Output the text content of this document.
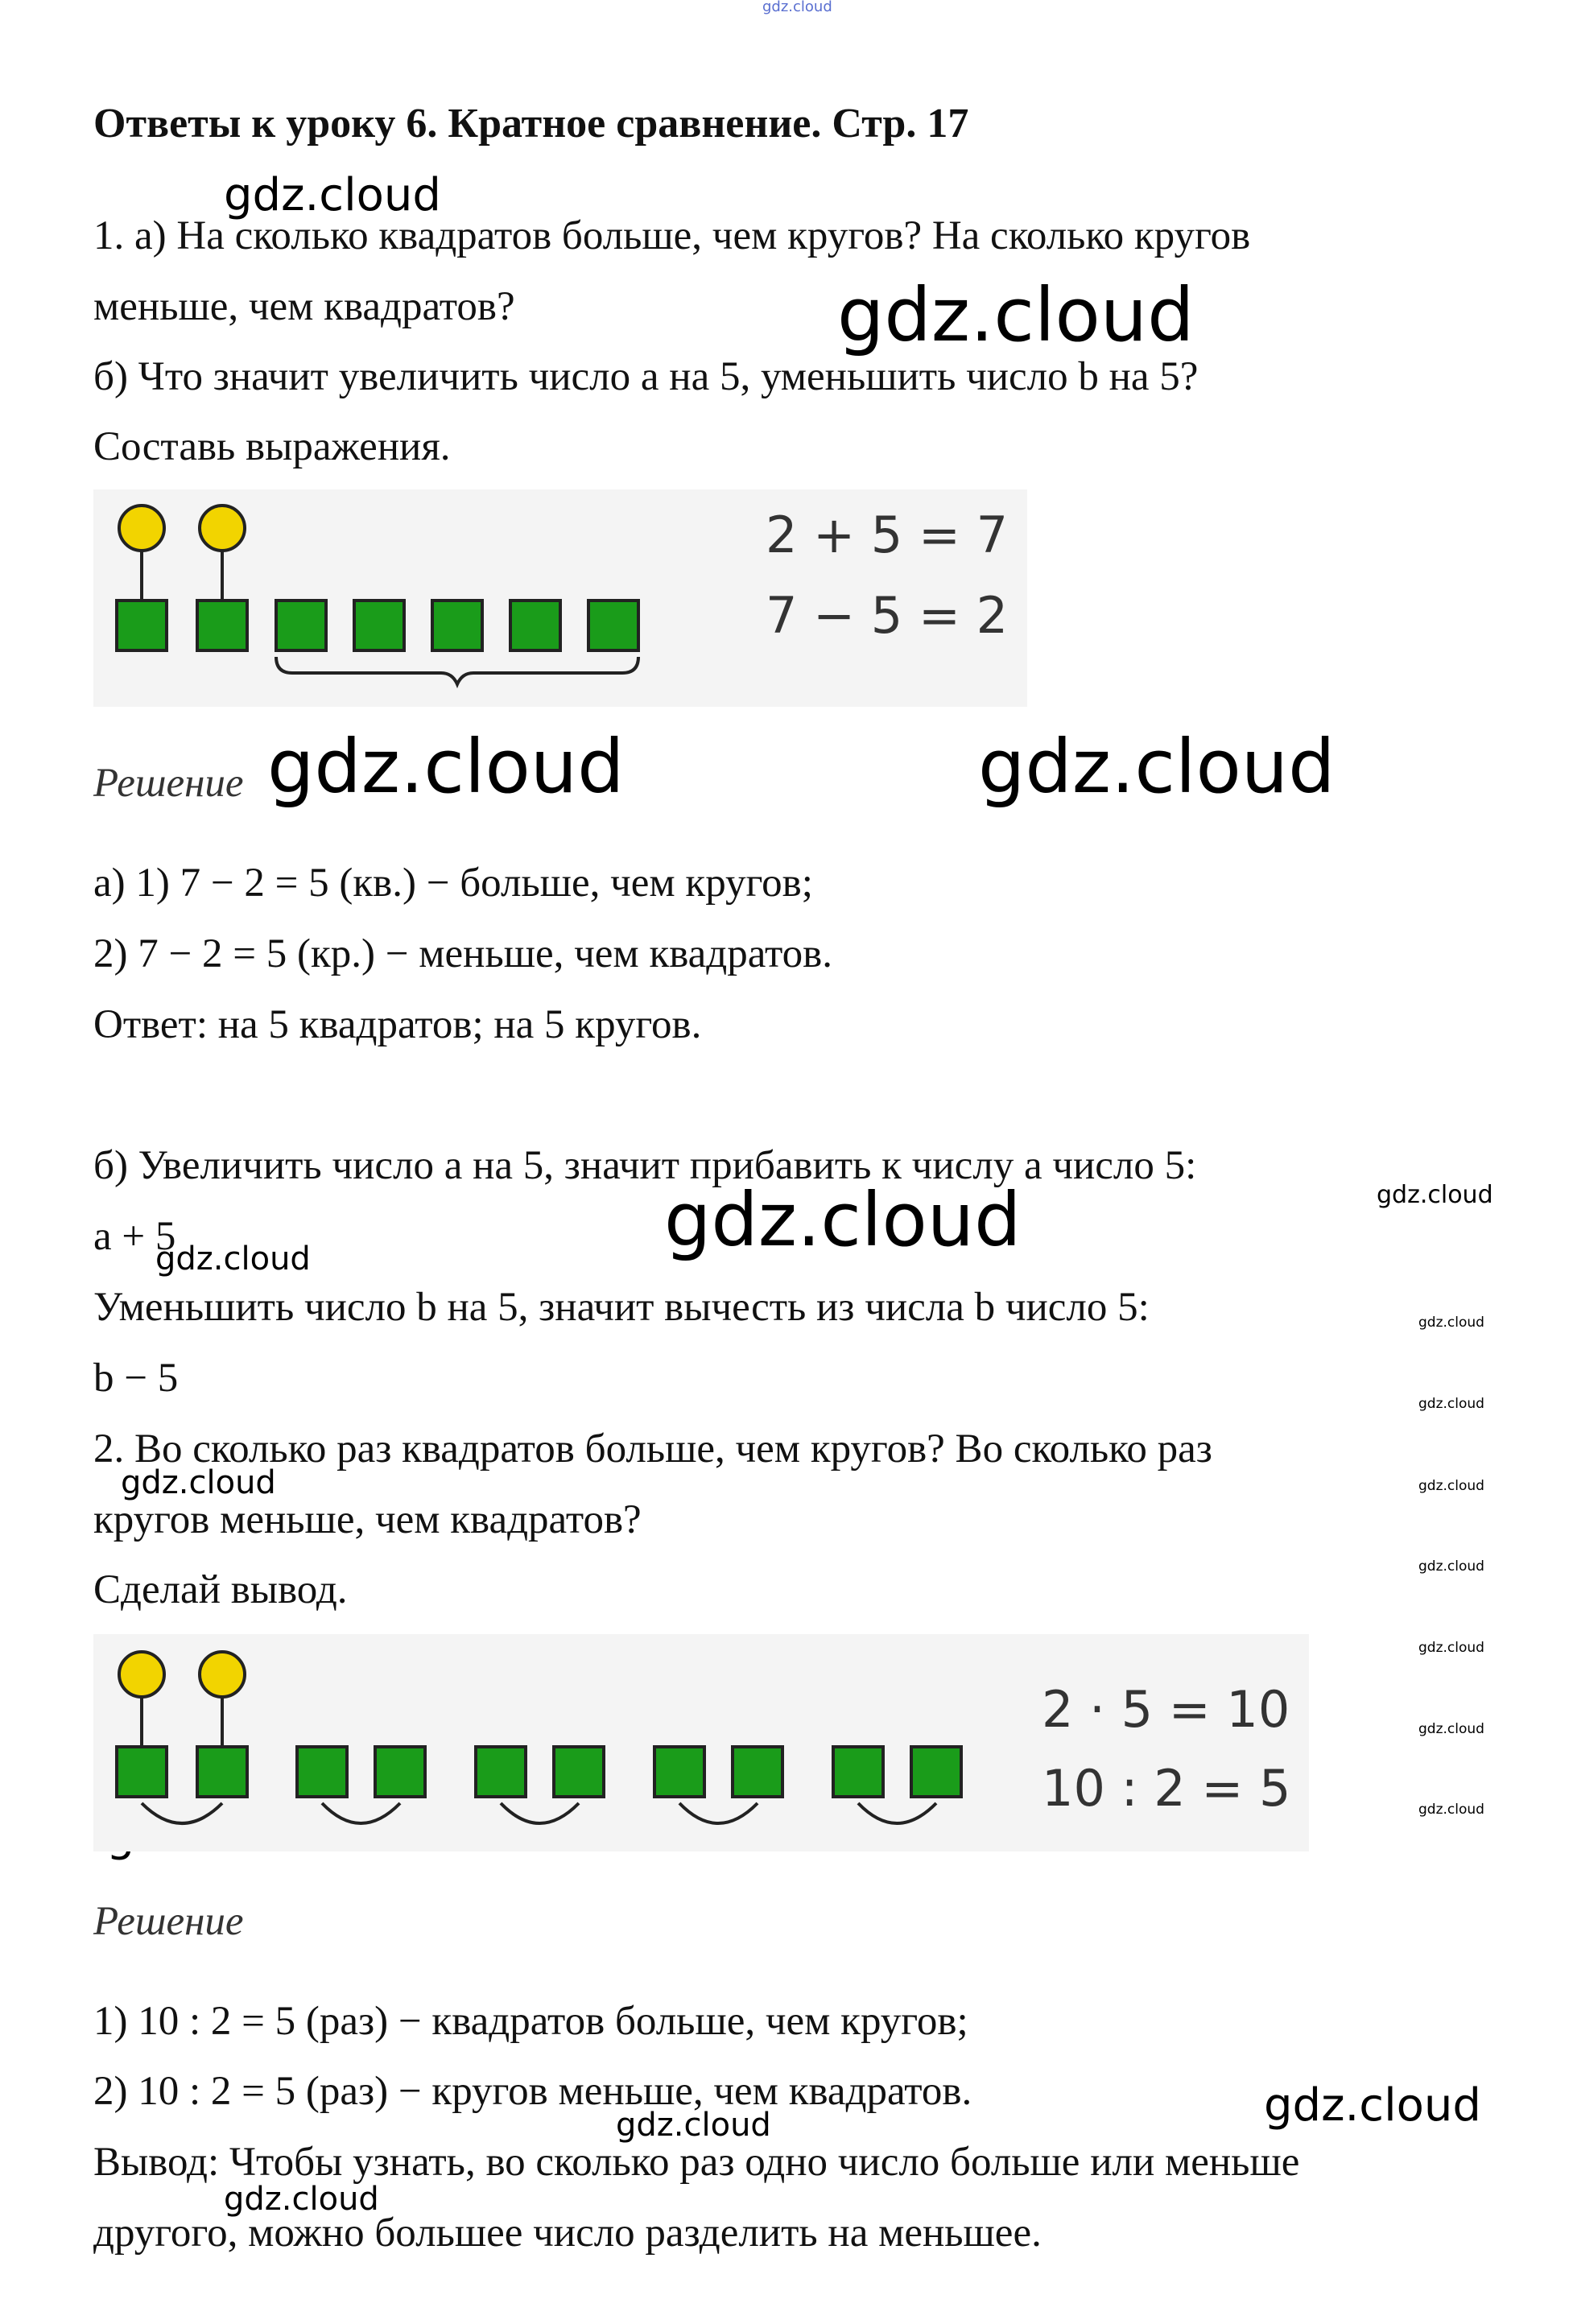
gdz.cloud
gdz.cloud
gdz.cloud
gdz.cloud	gdz.cloud
gdz.cloud
gdz.cloud
gdz.cloud
gdz.cloud
gdz.cloud
gdz.cloud	gdz.cloud
gdz.cloud
gdz.cloud
gdz.cloud
gdz.cloud
gdz.cloud
gdz.cloud
gdz.cloud
Ответы к уроку 6. Кратное сравнение. Стр. 17
1. а) На сколько квадратов больше, чем кругов? На сколько кругов
меньше, чем квадратов?
б) Что значит увеличить число a на 5, уменьшить число b на 5?
Составь выражения.
2 + 5 = 7
7 − 5 = 2
Решение
а) 1) 7 − 2 = 5 (кв.) − больше, чем кругов;
2) 7 − 2 = 5 (кр.) − меньше, чем квадратов.
Ответ: на 5 квадратов; на 5 кругов.
б) Увеличить число a на 5, значит прибавить к числу a число 5:
a + 5
Уменьшить число b на 5, значит вычесть из числа b число 5:
b − 5
2. Во сколько раз квадратов больше, чем кругов? Во сколько раз
кругов меньше, чем квадратов?
Сделай вывод.
2 · 5 = 10
10 : 2 = 5
Решение
1) 10 : 2 = 5 (раз) − квадратов больше, чем кругов;
2) 10 : 2 = 5 (раз) − кругов меньше, чем квадратов.
Вывод: Чтобы узнать, во сколько раз одно число больше или меньше
другого, можно большее число разделить на меньшее.
